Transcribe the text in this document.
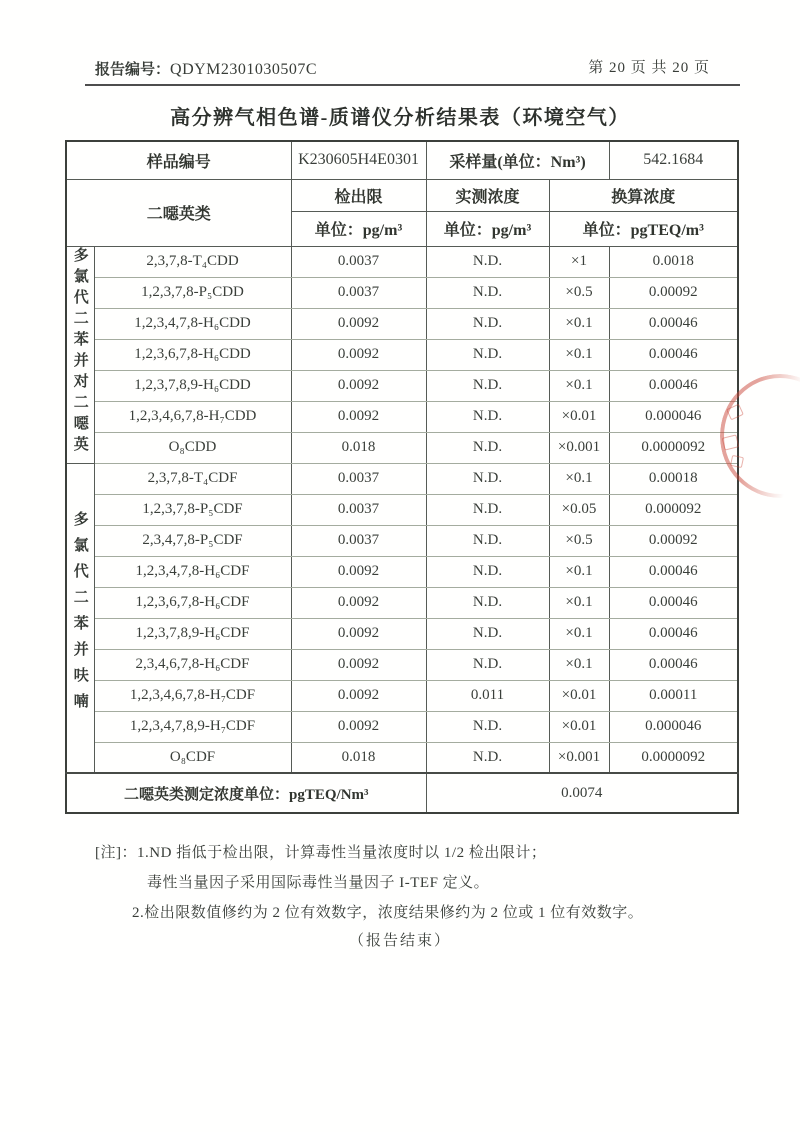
报告编号：QDYM2301030507C	第 20 页 共 20 页
高分辨气相色谱-质谱仪分析结果表（环境空气）
样品编号		K230605H4E0301	采样量(单位：Nm³)		542.1684
二噁英类		检出限	实测浓度	换算浓度	
		单位：pg/m³	单位：pg/m³	单位：pgTEQ/m³	
多氯代二苯并对二噁英	2,3,7,8-T₄CDD	0.0037	N.D.	×1	0.0018
	1,2,3,7,8-P₅CDD	0.0037	N.D.	×0.5	0.00092
	1,2,3,4,7,8-H₆CDD	0.0092	N.D.	×0.1	0.00046
	1,2,3,6,7,8-H₆CDD	0.0092	N.D.	×0.1	0.00046
	1,2,3,7,8,9-H₆CDD	0.0092	N.D.	×0.1	0.00046
	1,2,3,4,6,7,8-H₇CDD	0.0092	N.D.	×0.01	0.000046
	O₈CDD	0.018	N.D.	×0.001	0.0000092
多氯代二苯并呋喃	2,3,7,8-T₄CDF	0.0037	N.D.	×0.1	0.00018
	1,2,3,7,8-P₅CDF	0.0037	N.D.	×0.05	0.000092
	2,3,4,7,8-P₅CDF	0.0037	N.D.	×0.5	0.00092
	1,2,3,4,7,8-H₆CDF	0.0092	N.D.	×0.1	0.00046
	1,2,3,6,7,8-H₆CDF	0.0092	N.D.	×0.1	0.00046
	1,2,3,7,8,9-H₆CDF	0.0092	N.D.	×0.1	0.00046
	2,3,4,6,7,8-H₆CDF	0.0092	N.D.	×0.1	0.00046
	1,2,3,4,6,7,8-H₇CDF	0.0092	0.011	×0.01	0.00011
	1,2,3,4,7,8,9-H₇CDF	0.0092	N.D.	×0.01	0.000046
	O₈CDF	0.018	N.D.	×0.001	0.0000092
二噁英类测定浓度单位：pgTEQ/Nm³			0.0074		

[注]：1.ND 指低于检出限，计算毒性当量浓度时以 1/2 检出限计；

毒性当量因子采用国际毒性当量因子 I-TEF 定义。

2.检出限数值修约为 2 位有效数字，浓度结果修约为 2 位或 1 位有效数字。

（报告结束）
